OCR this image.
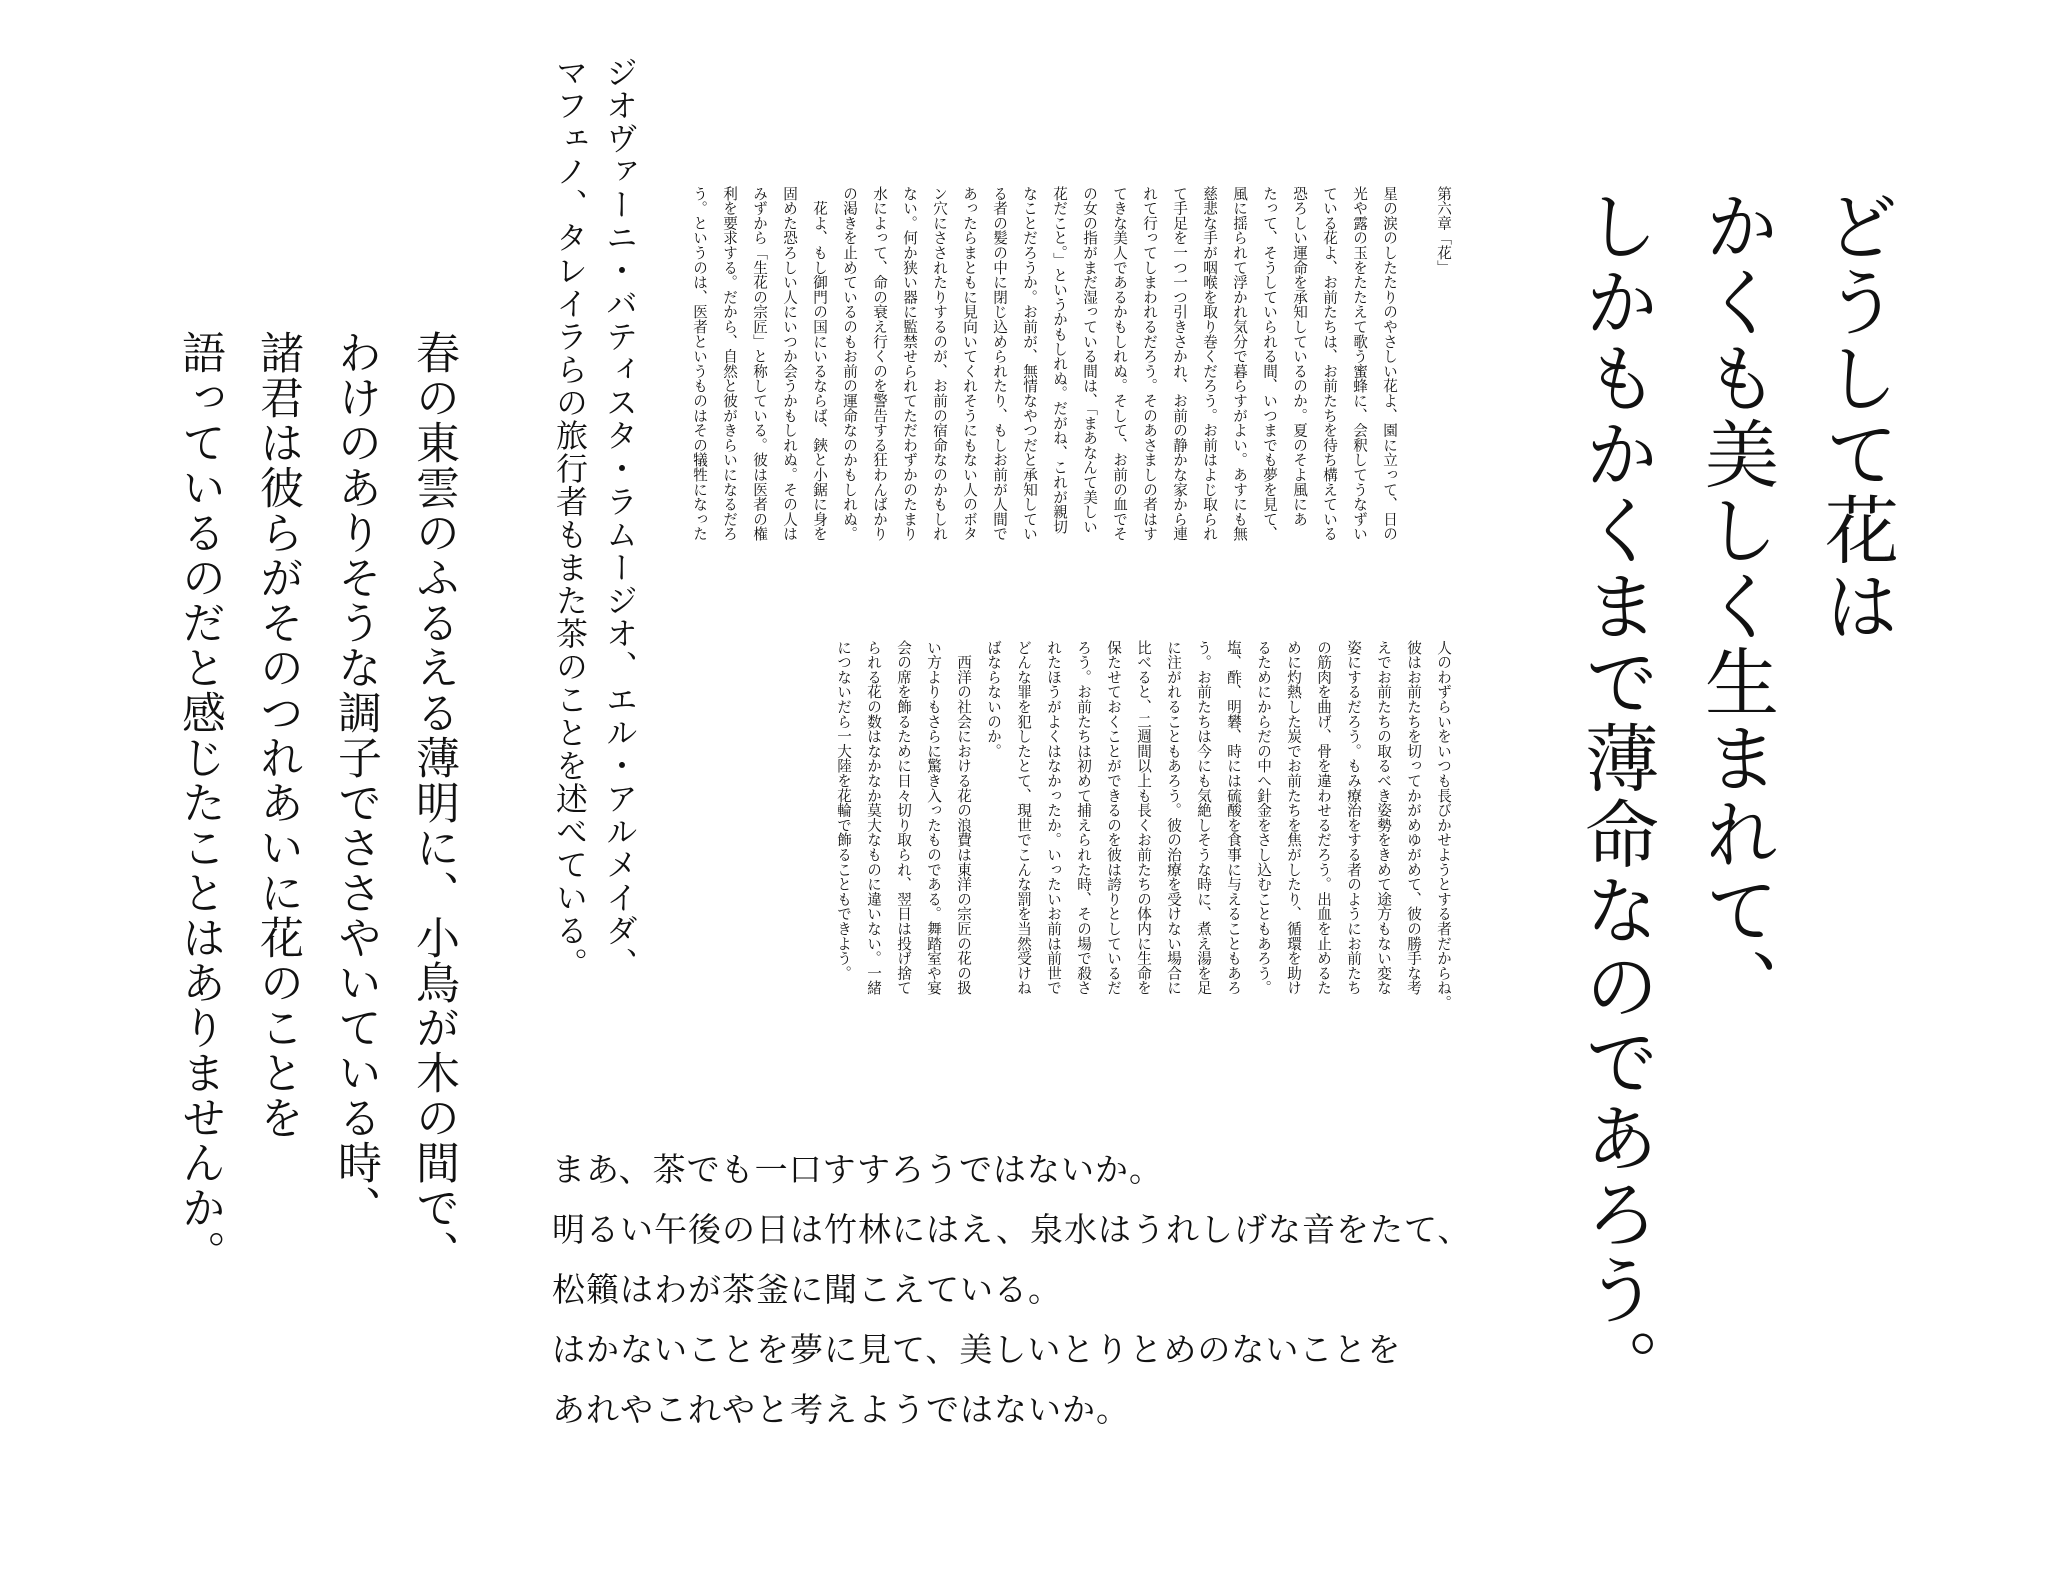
どうして花は
かくも美しく生まれて、
しかもかくまで薄命なのであろう。
第六章「花」
星の涙のしたたりのやさしい花よ、園に立って、日の
光や露の玉をたたえて歌う蜜蜂に、会釈してうなずい
ている花よ、お前たちは、お前たちを待ち構えている
恐ろしい運命を承知しているのか。夏のそよ風にあ
たって、そうしていられる間、いつまでも夢を見て、
風に揺られて浮かれ気分で暮らすがよい。あすにも無
慈悲な手が咽喉を取り巻くだろう。お前はよじ取られ
て手足を一つ一つ引きさかれ、お前の静かな家から連
れて行ってしまわれるだろう。そのあさましの者はす
てきな美人であるかもしれぬ。そして、お前の血でそ
の女の指がまだ湿っている間は、「まあなんて美しい
花だこと。」というかもしれぬ。だがね、これが親切
なことだろうか。お前が、無情なやつだと承知してい
る者の髪の中に閉じ込められたり、もしお前が人間で
あったらまともに見向いてくれそうにもない人のボタ
ン穴にさされたりするのが、お前の宿命なのかもしれ
ない。何か狭い器に監禁せられてただわずかのたまり
水によって、命の衰え行くのを警告する狂わんばかり
の渇きを止めているのもお前の運命なのかもしれぬ。
　花よ、もし御門の国にいるならば、鋏と小鋸に身を
固めた恐ろしい人にいつか会うかもしれぬ。その人は
みずから「生花の宗匠」と称している。彼は医者の権
利を要求する。だから、自然と彼がきらいになるだろ
う。というのは、医者というものはその犠牲になった
人のわずらいをいつも長びかせようとする者だからね。
彼はお前たちを切ってかがめゆがめて、彼の勝手な考
えでお前たちの取るべき姿勢をきめて途方もない変な
姿にするだろう。もみ療治をする者のようにお前たち
の筋肉を曲げ、骨を違わせるだろう。出血を止めるた
めに灼熱した炭でお前たちを焦がしたり、循環を助け
るためにからだの中へ針金をさし込むこともあろう。
塩、酢、明礬、時には硫酸を食事に与えることもあろ
う。お前たちは今にも気絶しそうな時に、煮え湯を足
に注がれることもあろう。彼の治療を受けない場合に
比べると、二週間以上も長くお前たちの体内に生命を
保たせておくことができるのを彼は誇りとしているだ
ろう。お前たちは初めて捕えられた時、その場で殺さ
れたほうがよくはなかったか。いったいお前は前世で
どんな罪を犯したとて、現世でこんな罰を当然受けね
ばならないのか。
　西洋の社会における花の浪費は東洋の宗匠の花の扱
い方よりもさらに驚き入ったものである。舞踏室や宴
会の席を飾るために日々切り取られ、翌日は投げ捨て
られる花の数はなかなか莫大なものに違いない。一緒
につないだら一大陸を花輪で飾ることもできよう。
ジオヴァーニ・バティスタ・ラムージオ、エル・アルメイダ、
マフェノ、タレイラらの旅行者もまた茶のことを述べている。
春の東雲のふるえる薄明に、小鳥が木の間で、
わけのありそうな調子でささやいている時、
諸君は彼らがそのつれあいに花のことを
語っているのだと感じたことはありませんか。	まあ、茶でも一口すすろうではないか。
明るい午後の日は竹林にはえ、泉水はうれしげな音をたて、
松籟はわが茶釜に聞こえている。
はかないことを夢に見て、美しいとりとめのないことを
あれやこれやと考えようではないか。
